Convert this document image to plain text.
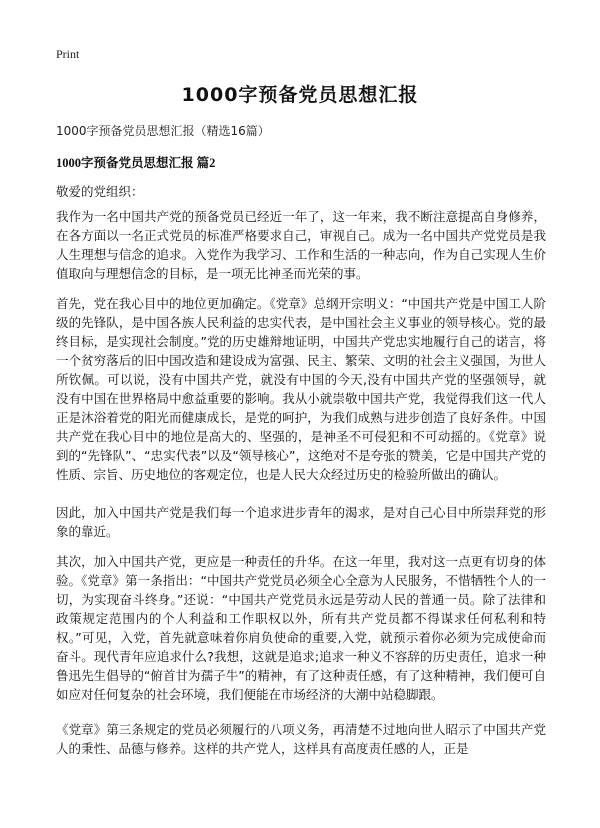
Print
1000字预备党员思想汇报

1000字预备党员思想汇报（精选16篇）

1000字预备党员思想汇报 篇2

敬爱的党组织：

我作为一名中国共产党的预备党员已经近一年了，这一年来，我不断注意提高自身修养，在各方面以一名正式党员的标准严格要求自己，审视自己。成为一名中国共产党党员是我人生理想与信念的追求。入党作为我学习、工作和生活的一种志向，作为自己实现人生价值取向与理想信念的目标，是一项无比神圣而光荣的事。

首先，党在我心目中的地位更加确定。《党章》总纲开宗明义：“中国共产党是中国工人阶级的先锋队，是中国各族人民利益的忠实代表，是中国社会主义事业的领导核心。党的最终目标，是实现社会制度。”党的历史雄辩地证明，中国共产党忠实地履行自己的诺言，将一个贫穷落后的旧中国改造和建设成为富强、民主、繁荣、文明的社会主义强国，为世人所钦佩。可以说，没有中国共产党，就没有中国的今天,没有中国共产党的坚强领导，就没有中国在世界格局中愈益重要的影响。我从小就崇敬中国共产党，我觉得我们这一代人正是沐浴着党的阳光而健康成长，是党的呵护，为我们成熟与进步创造了良好条件。中国共产党在我心目中的地位是高大的、坚强的，是神圣不可侵犯和不可动摇的。《党章》说到的“先锋队”、“忠实代表”以及“领导核心”，这绝对不是夸张的赞美，它是中国共产党的性质、宗旨、历史地位的客观定位，也是人民大众经过历史的检验所做出的确认。

因此，加入中国共产党是我们每一个追求进步青年的渴求，是对自己心目中所崇拜党的形象的靠近。

其次，加入中国共产党，更应是一种责任的升华。在这一年里，我对这一点更有切身的体验。《党章》第一条指出：“中国共产党党员必须全心全意为人民服务，不惜牺牲个人的一切，为实现奋斗终身。”还说：“中国共产党党员永远是劳动人民的普通一员。除了法律和政策规定范围内的个人利益和工作职权以外，所有共产党员都不得谋求任何私利和特权。”可见，入党，首先就意味着你肩负使命的重要,入党，就预示着你必须为完成使命而奋斗。现代青年应追求什么?我想，这就是追求;追求一种义不容辞的历史责任，追求一种鲁迅先生倡导的“俯首甘为孺子牛”的精神，有了这种责任感，有了这种精神，我们便可自如应对任何复杂的社会环境，我们便能在市场经济的大潮中站稳脚跟。

《党章》第三条规定的党员必须履行的八项义务，再清楚不过地向世人昭示了中国共产党人的秉性、品德与修养。这样的共产党人，这样具有高度责任感的人，正是
